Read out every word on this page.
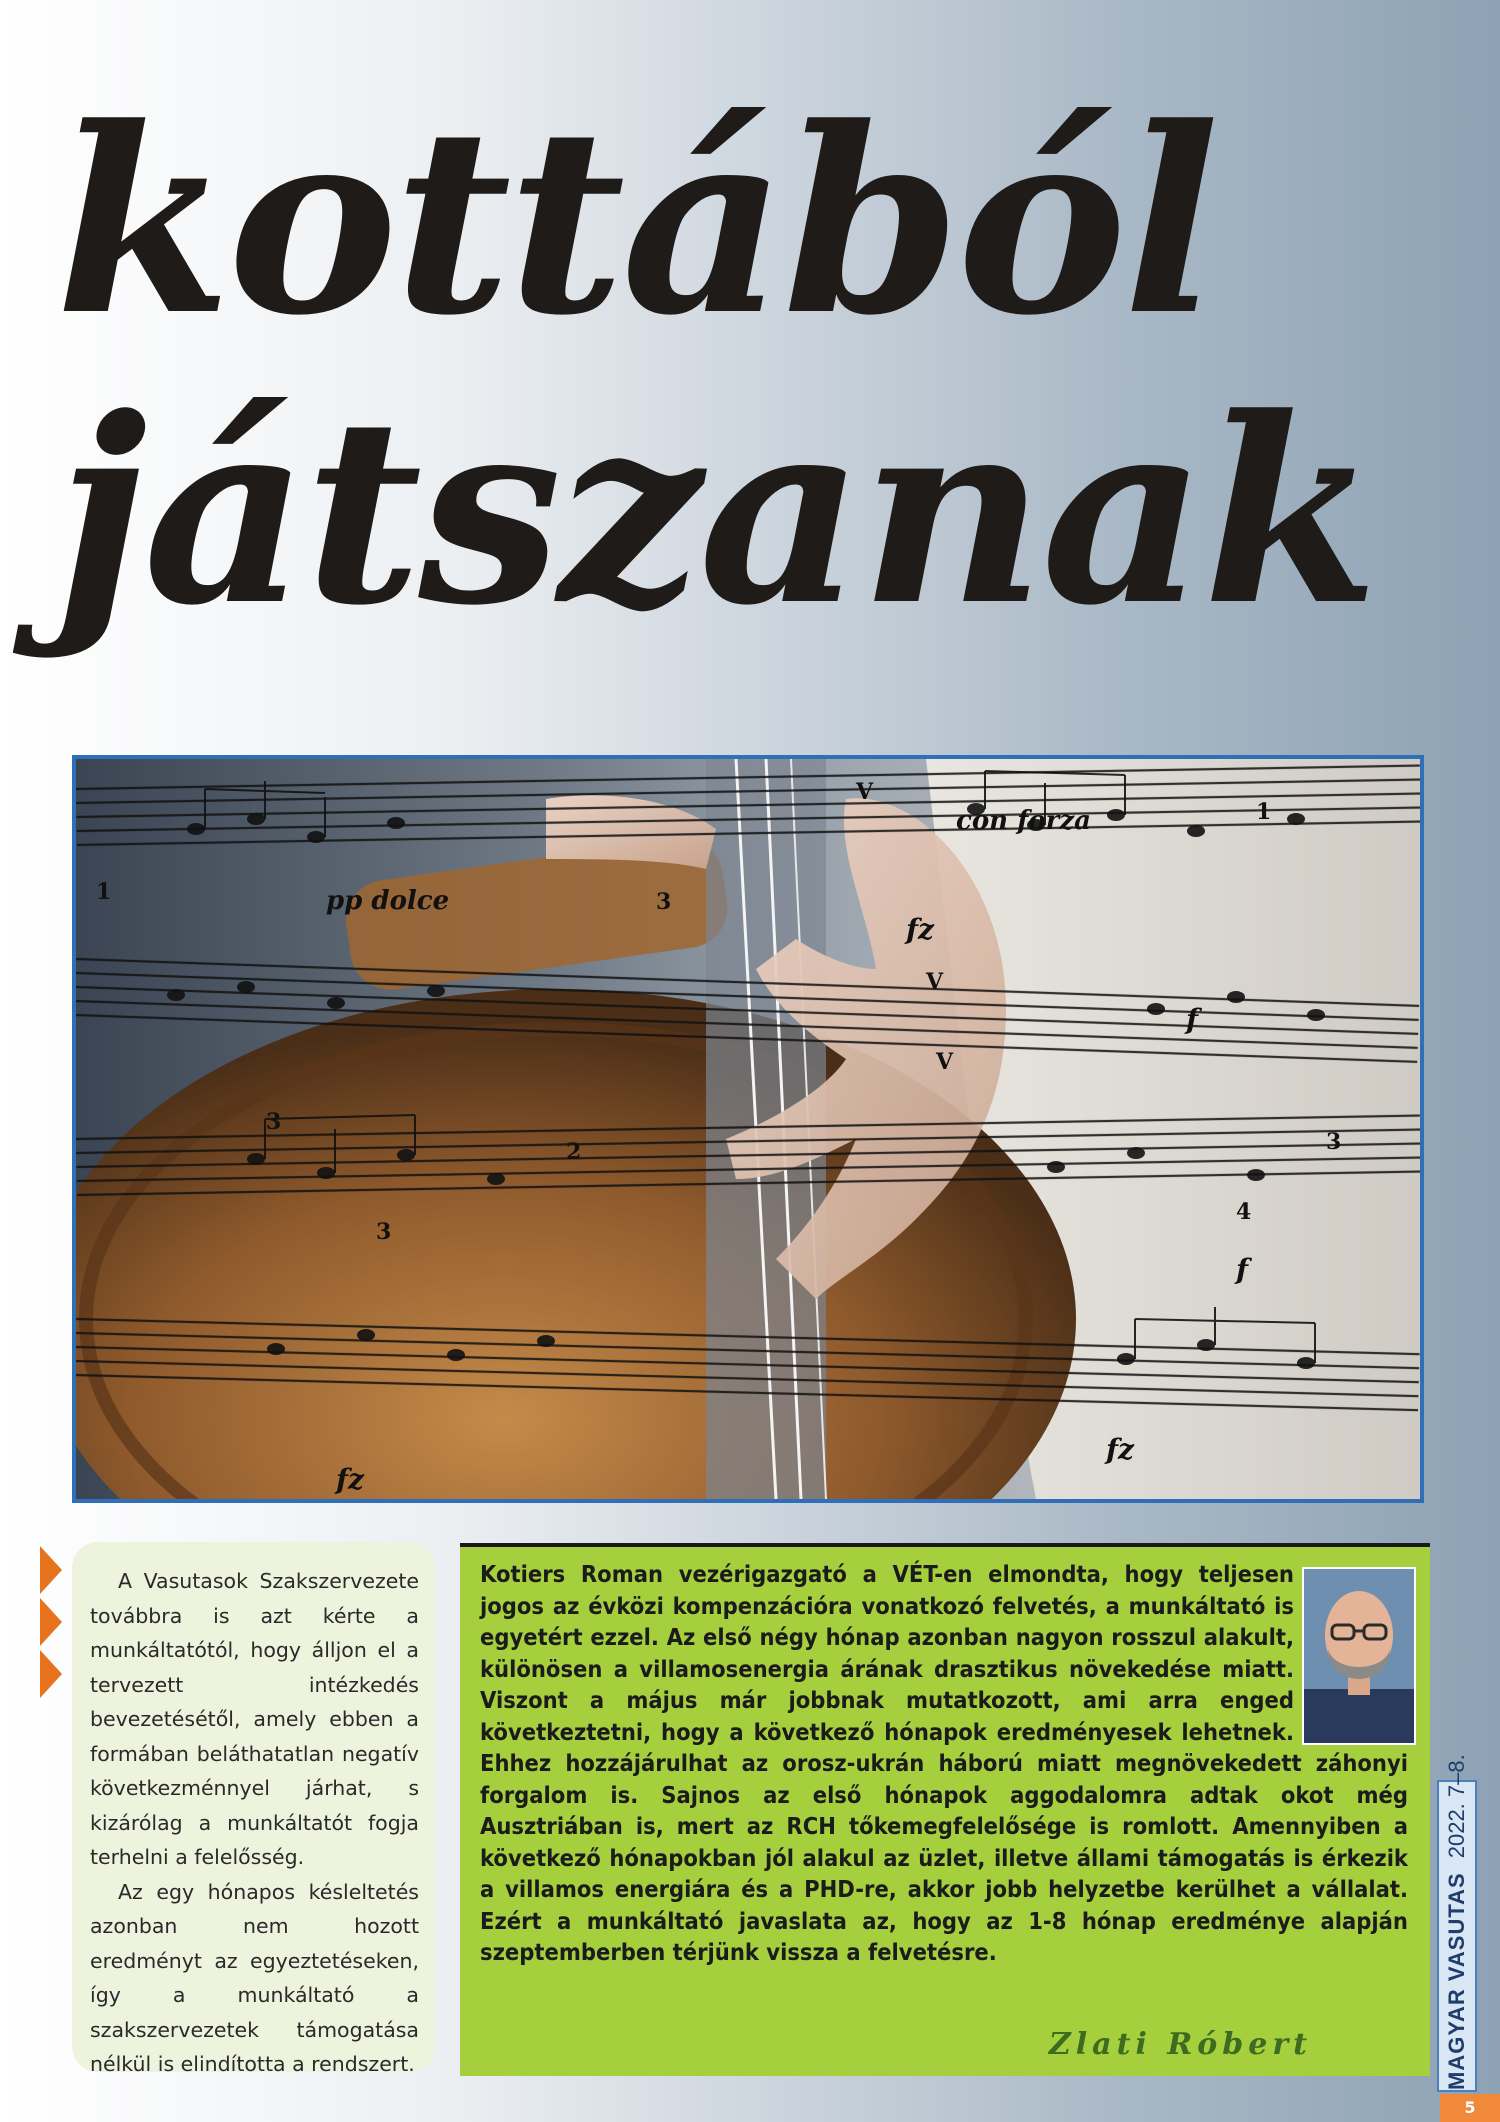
kottából
játszanak
con forza
pp dolce
fz
fz
fz
f
f
3
3
3
3
1
1
2
4
V
V
V

A Vasutasok Szakszervezete továbbra is azt kérte a munkáltatótól, hogy álljon el a tervezett intézkedés bevezetésétől, amely ebben a formában beláthatatlan negatív következménnyel járhat, s kizárólag a munkáltatót fogja terhelni a felelősség.

Az egy hónapos késleltetés azonban nem hozott eredményt az egyeztetéseken, így a munkáltató a szakszervezetek támogatása nélkül is elindította a rendszert.

Kotiers Roman vezérigazgató a VÉT-en elmondta, hogy teljesen jogos az évközi kompenzációra vonatkozó felvetés, a munkáltató is egyetért ezzel. Az első négy hónap azonban nagyon rosszul alakult, különösen a villamosenergia árának drasztikus növekedése miatt. Viszont a május már jobbnak mutatkozott, ami arra enged következtetni, hogy a következő hónapok eredményesek lehetnek. Ehhez hozzájárulhat az orosz-ukrán háború miatt megnövekedett záhonyi forgalom is. Sajnos az első hónapok aggodalomra adtak okot még Ausztriában is, mert az RCH tőkemegfelelősége is romlott. Amennyiben a következő hónapokban jól alakul az üzlet, illetve állami támogatás is érkezik a villamos energiára és a PHD-re, akkor jobb helyzetbe kerülhet a vállalat. Ezért a munkáltató javaslata az, hogy az 1-8 hónap eredménye alapján szeptemberben térjünk vissza a felvetésre.

Zlati Róbert	MAGYAR VASUTAS2022. 7–8.
5
